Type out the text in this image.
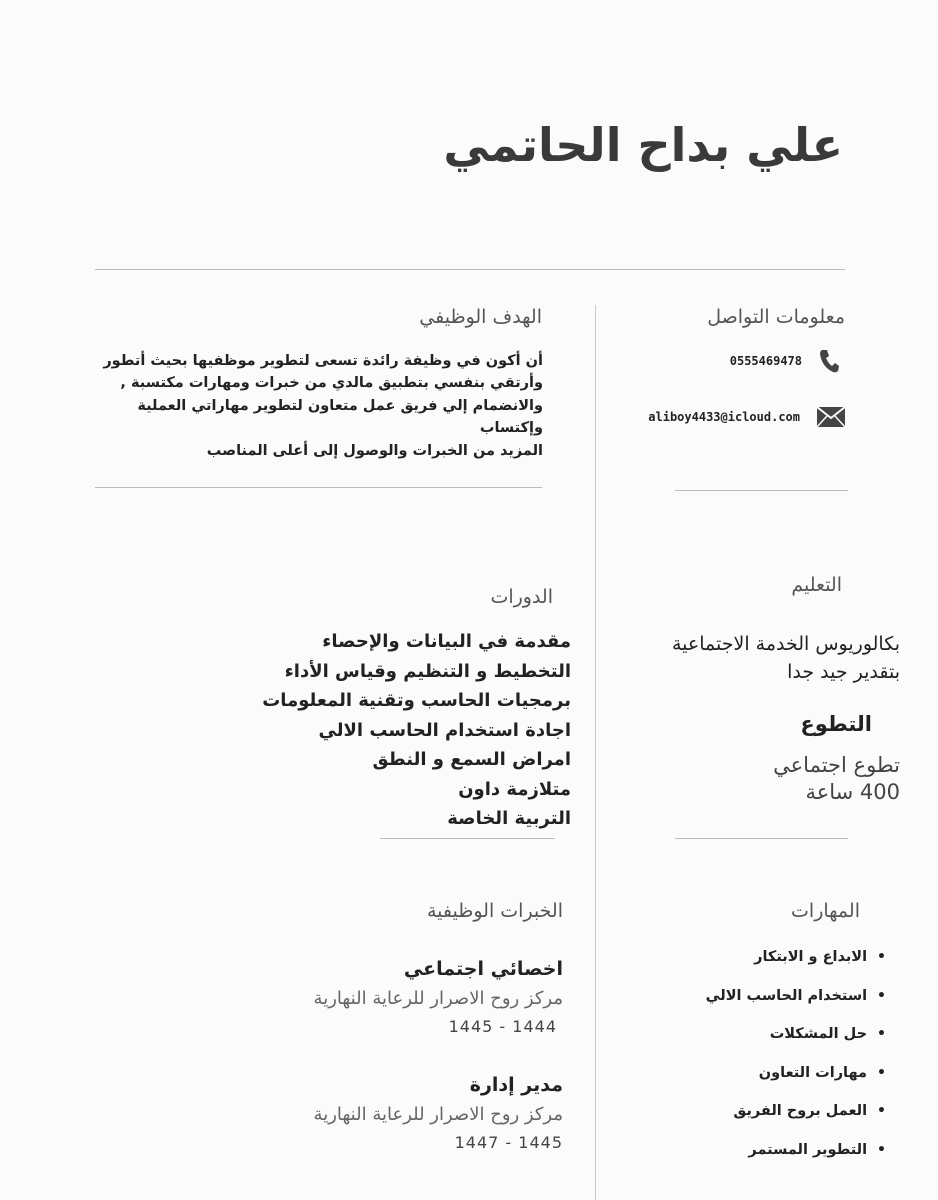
علي بداح الحاتمي
معلومات التواصل
0555469478
aliboy4433@icloud.com
الهدف الوظيفي
أن أكون في وظيفة رائدة تسعى لتطوير موظفيها بحيث أتطور
وأرتقي بنفسي بتطبيق مالدي من خبرات ومهارات مكتسبة ,
والانضمام إلي فريق عمل متعاون لتطوير مهاراتي العملية وإكتساب
المزيد من الخبرات والوصول إلى أعلى المناصب
التعليم
بكالوريوس الخدمة الاجتماعية
بتقدير جيد جدا
التطوع
تطوع اجتماعي
400 ساعة
الدورات
مقدمة في البيانات والإحصاء
التخطيط و التنظيم وقياس الأداء
برمجيات الحاسب وتقنية المعلومات
اجادة استخدام الحاسب الالي
امراض السمع و النطق
متلازمة داون
التربية الخاصة
المهارات
• الابداع و الابتكار
• استخدام الحاسب الالي
• حل المشكلات
• مهارات التعاون
• العمل بروح الفريق
• التطوير المستمر
الخبرات الوظيفية
اخصائي اجتماعي
مركز روح الاصرار للرعاية النهارية
1445 - 1444
مدير إدارة
مركز روح الاصرار للرعاية النهارية
1447 - 1445
